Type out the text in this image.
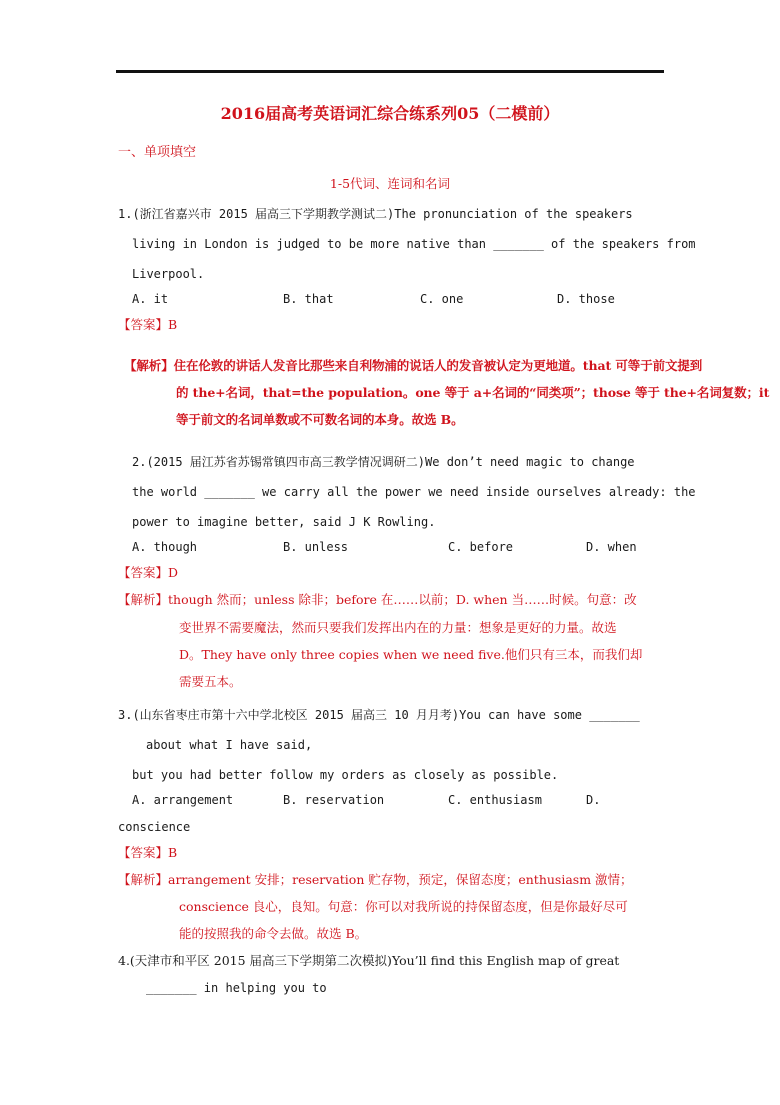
2016届高考英语词汇综合练系列05（二模前）
一、单项填空
1-5代词、连词和名词
1.(浙江省嘉兴市 2015 届高三下学期教学测试二)The pronunciation of the speakers
living in London is judged to be more native than _______ of the speakers from
Liverpool.
A. it	B. that	C. one	D. those
【答案】B
【解析】住在伦敦的讲话人发音比那些来自利物浦的说话人的发音被认定为更地道。that 可等于前文提到
的 the+名词，that=the population。one 等于 a+名词的“同类项”；those 等于 the+名词复数；it
等于前文的名词单数或不可数名词的本身。故选 B。
2.(2015 届江苏省苏锡常镇四市高三教学情况调研二)We don’t need magic to change
the world _______ we carry all the power we need inside ourselves already: the
power to imagine better, said J K Rowling.
A. though	B. unless	C. before	D. when
【答案】D
【解析】though 然而；unless 除非；before 在……以前；D. when 当……时候。句意：改
变世界不需要魔法，然而只要我们发挥出内在的力量：想象是更好的力量。故选
D。They have only three copies when we need five.他们只有三本，而我们却
需要五本。
3.(山东省枣庄市第十六中学北校区 2015 届高三 10 月月考)You can have some _______
about what I have said,
but you had better follow my orders as closely as possible.
A. arrangement	B. reservation	C. enthusiasm	D.
conscience
【答案】B
【解析】arrangement 安排；reservation 贮存物，预定，保留态度；enthusiasm 激情；
conscience 良心，良知。句意：你可以对我所说的持保留态度，但是你最好尽可
能的按照我的命令去做。故选 B。
4.(天津市和平区 2015 届高三下学期第二次模拟)You’ll find this English map of great
_______ in helping you to
